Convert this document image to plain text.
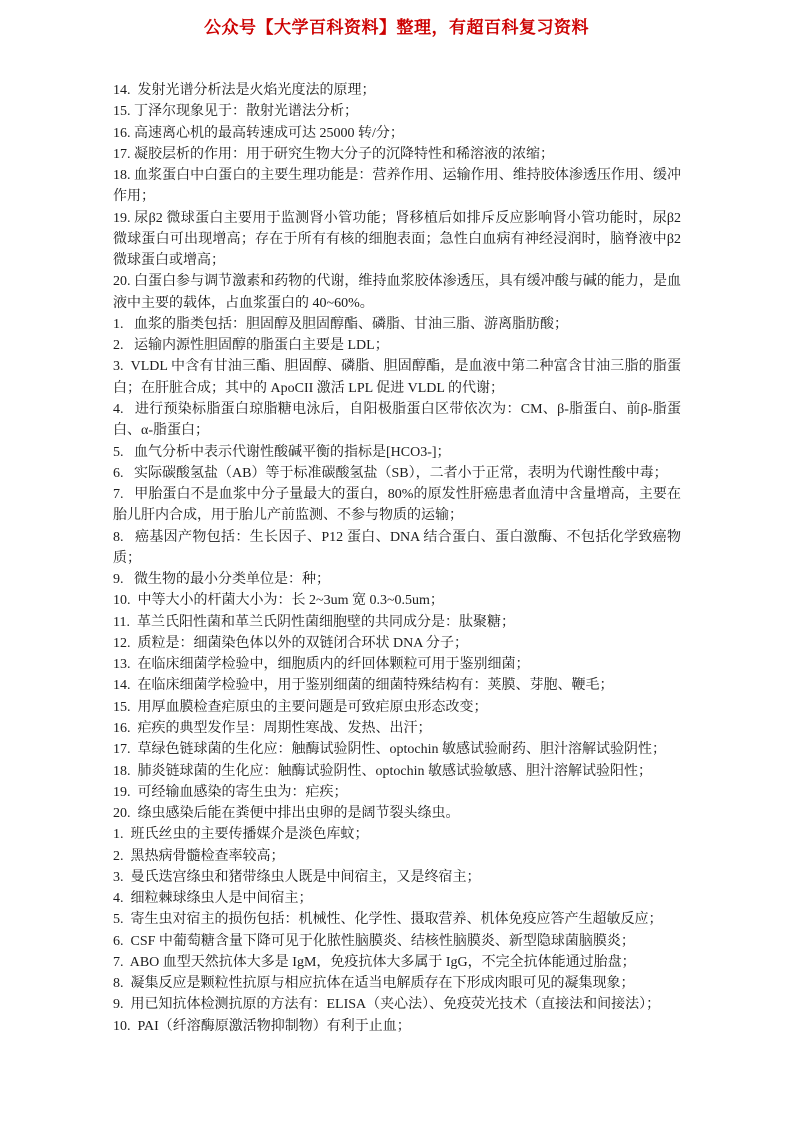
公众号【大学百科资料】整理，有超百科复习资料

14.  发射光谱分析法是火焰光度法的原理；

15. 丁泽尔现象见于：散射光谱法分析；

16. 高速离心机的最高转速成可达 25000 转/分；

17. 凝胶层析的作用：用于研究生物大分子的沉降特性和稀溶液的浓缩；

18. 血浆蛋白中白蛋白的主要生理功能是：营养作用、运输作用、维持胶体渗透压作用、缓冲作用；

19. 尿β2 微球蛋白主要用于监测肾小管功能；肾移植后如排斥反应影响肾小管功能时，尿β2 微球蛋白可出现增高；存在于所有有核的细胞表面；急性白血病有神经浸润时，脑脊液中β2 微球蛋白或增高；

20. 白蛋白参与调节激素和药物的代谢，维持血浆胶体渗透压，具有缓冲酸与碱的能力，是血液中主要的载体，占血浆蛋白的 40~60%。

1.   血浆的脂类包括：胆固醇及胆固醇酯、磷脂、甘油三脂、游离脂肪酸；

2.   运输内源性胆固醇的脂蛋白主要是 LDL；

3.  VLDL 中含有甘油三酯、胆固醇、磷脂、胆固醇酯，是血液中第二种富含甘油三脂的脂蛋白；在肝脏合成；其中的 ApoCII 激活 LPL 促进 VLDL 的代谢；

4.   进行预染标脂蛋白琼脂糖电泳后，自阳极脂蛋白区带依次为：CM、β-脂蛋白、前β-脂蛋白、α-脂蛋白；

5.   血气分析中表示代谢性酸碱平衡的指标是[HCO3-]；

6.   实际碳酸氢盐（AB）等于标准碳酸氢盐（SB），二者小于正常，表明为代谢性酸中毒；

7.   甲胎蛋白不是血浆中分子量最大的蛋白，80%的原发性肝癌患者血清中含量增高，主要在胎儿肝内合成，用于胎儿产前监测、不参与物质的运输；

8.   癌基因产物包括：生长因子、P12 蛋白、DNA 结合蛋白、蛋白激酶、不包括化学致癌物质；

9.   微生物的最小分类单位是：种；

10.  中等大小的杆菌大小为：长 2~3um 宽 0.3~0.5um；

11.  革兰氏阳性菌和革兰氏阴性菌细胞壁的共同成分是：肽聚糖；

12.  质粒是：细菌染色体以外的双链闭合环状 DNA 分子；

13.  在临床细菌学检验中，细胞质内的纤回体颗粒可用于鉴别细菌；

14.  在临床细菌学检验中，用于鉴别细菌的细菌特殊结构有：荚膜、芽胞、鞭毛；

15.  用厚血膜检查疟原虫的主要问题是可致疟原虫形态改变；

16.  疟疾的典型发作呈：周期性寒战、发热、出汗；

17.  草绿色链球菌的生化应：触酶试验阴性、optochin 敏感试验耐药、胆汁溶解试验阴性；

18.  肺炎链球菌的生化应：触酶试验阴性、optochin 敏感试验敏感、胆汁溶解试验阳性；

19.  可经输血感染的寄生虫为：疟疾；

20.  绦虫感染后能在粪便中排出虫卵的是阔节裂头绦虫。

1.  班氏丝虫的主要传播媒介是淡色库蚊；

2.  黑热病骨髓检查率较高；

3.  曼氏迭宫绦虫和猪带绦虫人既是中间宿主，又是终宿主；

4.  细粒棘球绦虫人是中间宿主；

5.  寄生虫对宿主的损伤包括：机械性、化学性、摄取营养、机体免疫应答产生超敏反应；

6.  CSF 中葡萄糖含量下降可见于化脓性脑膜炎、结核性脑膜炎、新型隐球菌脑膜炎；

7.  ABO 血型天然抗体大多是 IgM，免疫抗体大多属于 IgG，不完全抗体能通过胎盘；

8.  凝集反应是颗粒性抗原与相应抗体在适当电解质存在下形成肉眼可见的凝集现象；

9.  用已知抗体检测抗原的方法有：ELISA（夹心法）、免疫荧光技术（直接法和间接法）；

10.  PAI（纤溶酶原激活物抑制物）有利于止血；
